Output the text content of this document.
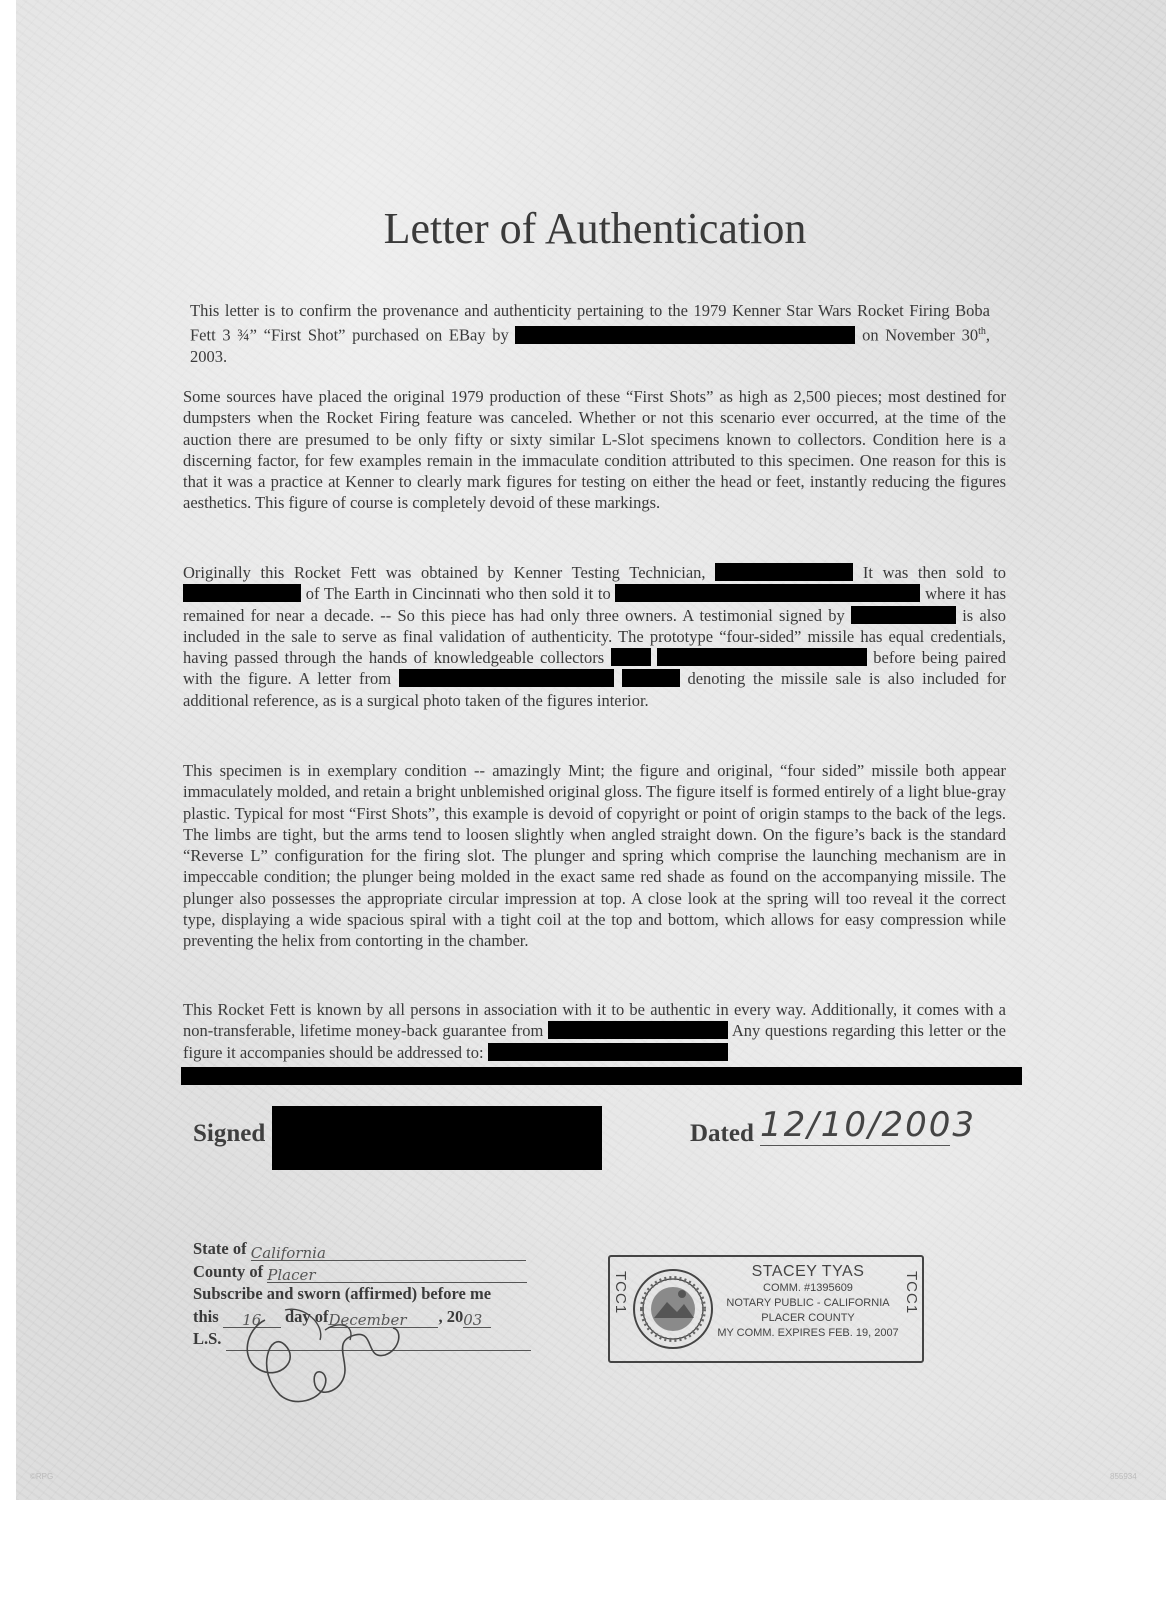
Letter of Authentication
This letter is to confirm the provenance and authenticity pertaining to the 1979 Kenner Star Wars Rocket Firing Boba Fett 3 ¾” “First Shot” purchased on EBay by	on November 30th, 2003.
Some sources have placed the original 1979 production of these “First Shots” as high as 2,500 pieces; most destined for dumpsters when the Rocket Firing feature was canceled. Whether or not this scenario ever occurred, at the time of the auction there are presumed to be only fifty or sixty similar L-Slot specimens known to collectors. Condition here is a discerning factor, for few examples remain in the immaculate condition attributed to this specimen. One reason for this is that it was a practice at Kenner to clearly mark figures for testing on either the head or feet, instantly reducing the figures aesthetics. This figure of course is completely devoid of these markings.
Originally this Rocket Fett was obtained by Kenner Testing Technician,	It was then sold to  of The Earth in Cincinnati who then sold it to	where it has remained for near a decade. -- So this piece has had only three owners. A testimonial signed by	is also included in the sale to serve as final validation of authenticity. The prototype “four-sided” missile has equal credentials, having passed through the hands of knowledgeable collectors	before being paired with the figure. A letter from	denoting the missile sale is also included for additional reference, as is a surgical photo taken of the figures interior.
This specimen is in exemplary condition -- amazingly Mint; the figure and original, “four sided” missile both appear immaculately molded, and retain a bright unblemished original gloss. The figure itself is formed entirely of a light blue-gray plastic. Typical for most “First Shots”, this example is devoid of copyright or point of origin stamps to the back of the legs. The limbs are tight, but the arms tend to loosen slightly when angled straight down. On the figure’s back is the standard “Reverse L” configuration for the firing slot. The plunger and spring which comprise the launching mechanism are in impeccable condition; the plunger being molded in the exact same red shade as found on the accompanying missile. The plunger also possesses the appropriate circular impression at top. A close look at the spring will too reveal it the correct type, displaying a wide spacious spiral with a tight coil at the top and bottom, which allows for easy compression while preventing the helix from contorting in the chamber.
This Rocket Fett is known by all persons in association with it to be authentic in every way. Additionally, it comes with a non-transferable, lifetime money-back guarantee from	Any questions regarding this letter or the figure it accompanies should be addressed to:
Signed	Dated 12/10/2003
State of California
County of Placer
Subscribe and sworn (affirmed) before me
this 16 day ofDecember , 2003
L.S.
TCC1	STACEY TYAS
COMM. #1395609
NOTARY PUBLIC - CALIFORNIA
PLACER COUNTY
MY COMM. EXPIRES FEB. 19, 2007
TCC1
©RPG	855934
